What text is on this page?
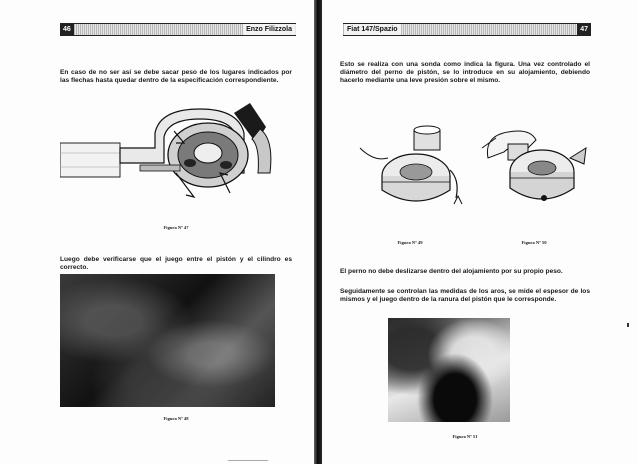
46	Enzo Filizzola

En caso de no ser así se debe sacar peso de los lugares indicados por las flechas hasta quedar dentro de la especificación correspondiente.

Figura Nº 47

Luego debe verificarse que el juego entre el pistón y el cilindro es correcto.

Figura Nº 48

Fiat 147/Spazio	47

Esto se realiza con una sonda como indica la figura. Una vez controlado el diámetro del perno de pistón, se lo introduce en su alojamiento, debiendo hacerlo mediante una leve presión sobre el mismo.

Figura Nº 49	Figura Nº 50

El perno no debe deslizarse dentro del alojamiento por su propio peso.

Seguidamente se controlan las medidas de los aros, se mide el espesor de los mismos y el juego dentro de la ranura del pistón que le corresponde.

Figura Nº 51
